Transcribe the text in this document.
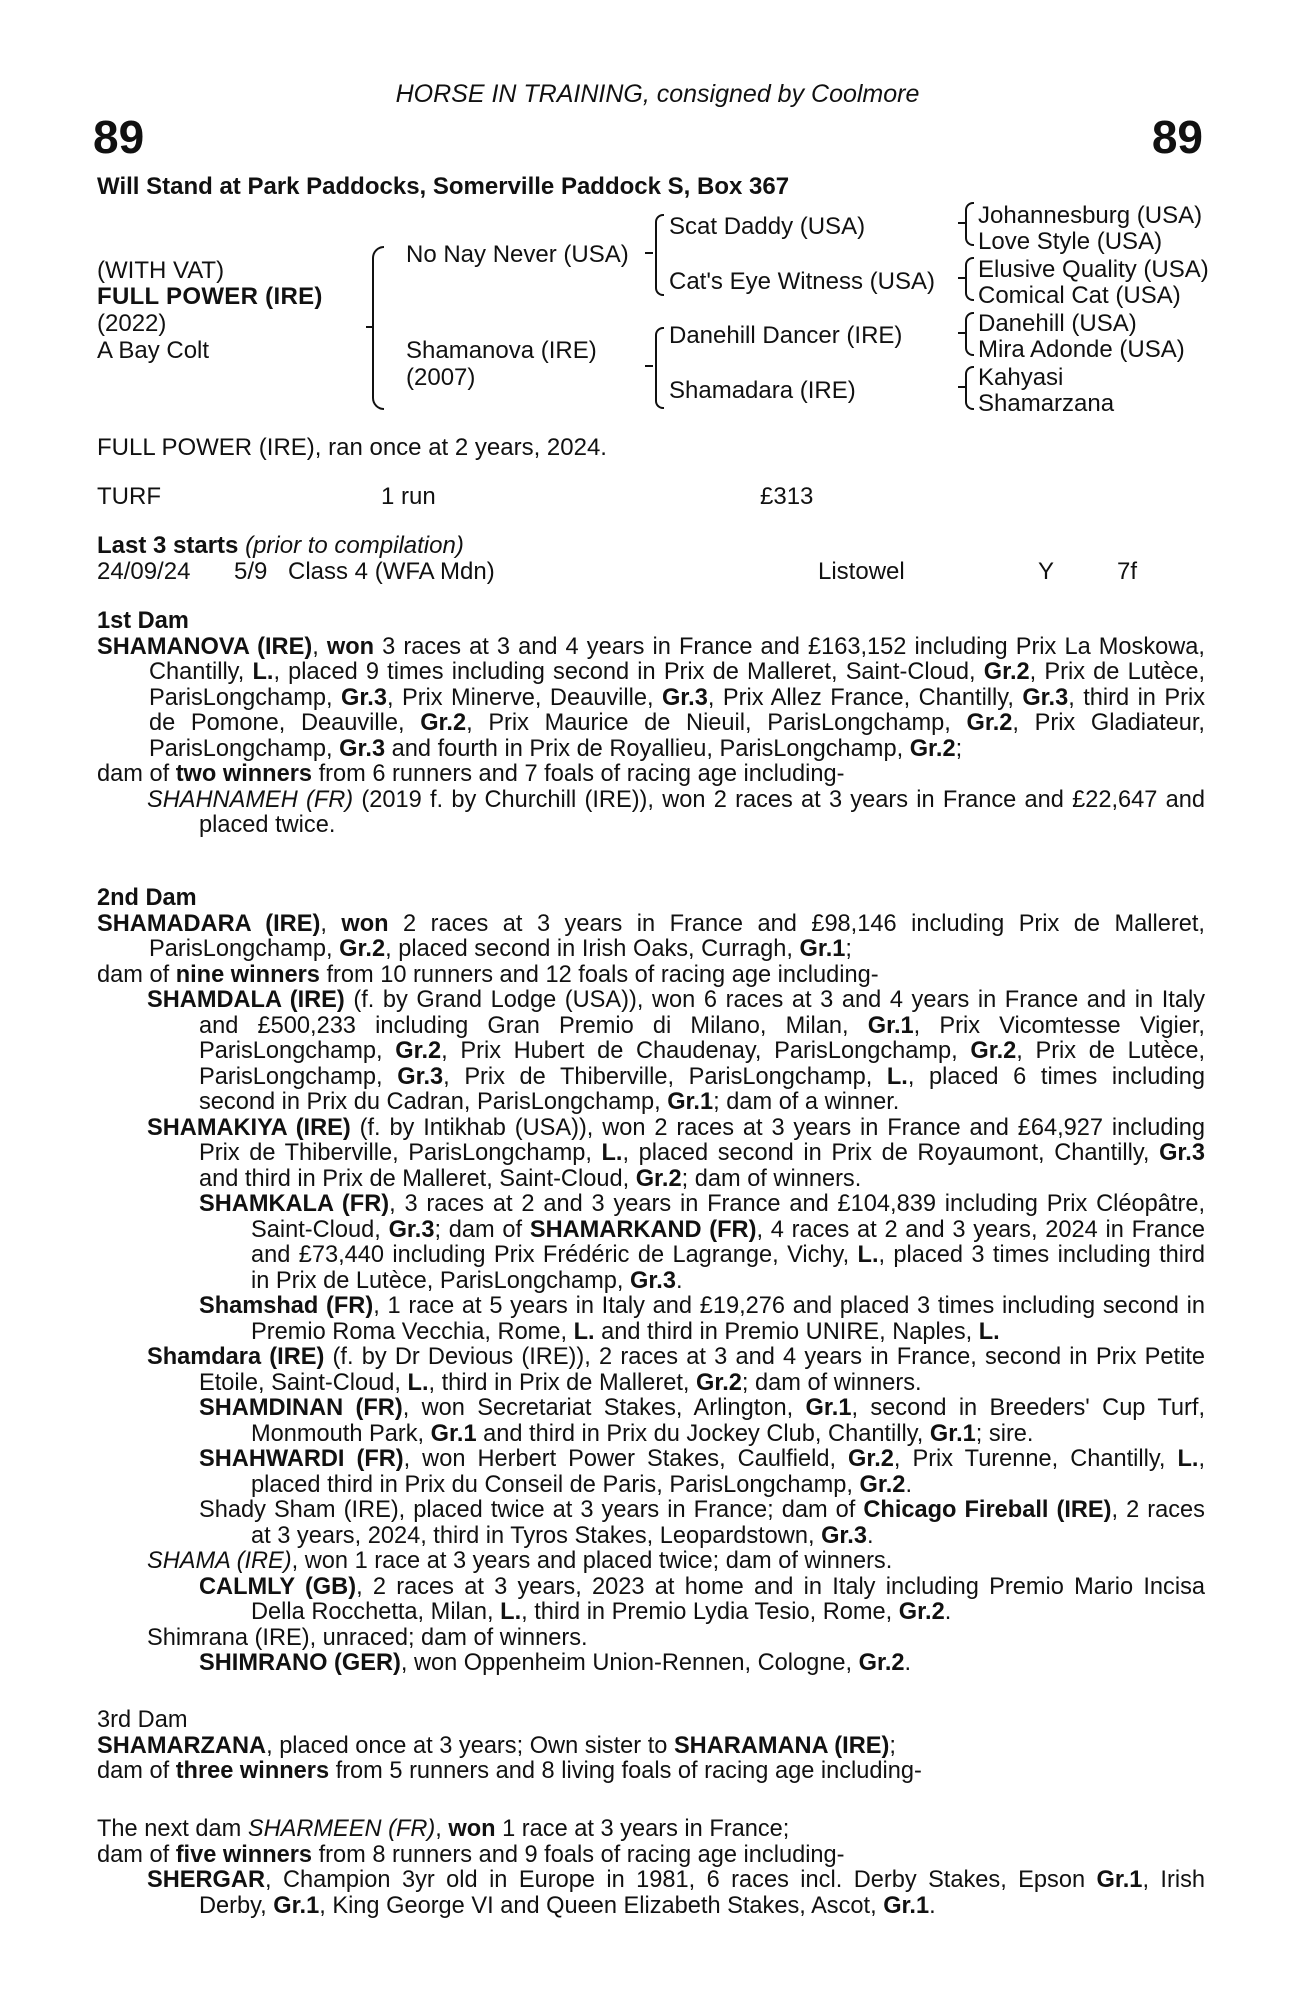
HORSE IN TRAINING, consigned by Coolmore
89	89
Will Stand at Park Paddocks, Somerville Paddock S, Box 367
(WITH VAT)
FULL POWER (IRE)
(2022)
A Bay Colt
No Nay Never (USA)
Shamanova (IRE)
(2007)
Scat Daddy (USA)
Cat's Eye Witness (USA)
Danehill Dancer (IRE)
Shamadara (IRE)
Johannesburg (USA)
Love Style (USA)
Elusive Quality (USA)
Comical Cat (USA)
Danehill (USA)
Mira Adonde (USA)
Kahyasi
Shamarzana
FULL POWER (IRE), ran once at 2 years, 2024.
TURF	1 run	£313
Last 3 starts (prior to compilation)
24/09/24 5/9 Class 4 (WFA Mdn)	Listowel	Y	7f
1st Dam
SHAMANOVA (IRE), won 3 races at 3 and 4 years in France and £163,152 including Prix La Moskowa, Chantilly, L., placed 9 times including second in Prix de Malleret, Saint-Cloud, Gr.2, Prix de Lutèce, ParisLongchamp, Gr.3, Prix Minerve, Deauville, Gr.3, Prix Allez France, Chantilly, Gr.3, third in Prix de Pomone, Deauville, Gr.2, Prix Maurice de Nieuil, ParisLongchamp, Gr.2, Prix Gladiateur, ParisLongchamp, Gr.3 and fourth in Prix de Royallieu, ParisLongchamp, Gr.2;
dam of two winners from 6 runners and 7 foals of racing age including-
SHAHNAMEH (FR) (2019 f. by Churchill (IRE)), won 2 races at 3 years in France and £22,647 and placed twice.
2nd Dam
SHAMADARA (IRE), won 2 races at 3 years in France and £98,146 including Prix de Malleret, ParisLongchamp, Gr.2, placed second in Irish Oaks, Curragh, Gr.1;
dam of nine winners from 10 runners and 12 foals of racing age including-
SHAMDALA (IRE) (f. by Grand Lodge (USA)), won 6 races at 3 and 4 years in France and in Italy and £500,233 including Gran Premio di Milano, Milan, Gr.1, Prix Vicomtesse Vigier, ParisLongchamp, Gr.2, Prix Hubert de Chaudenay, ParisLongchamp, Gr.2, Prix de Lutèce, ParisLongchamp, Gr.3, Prix de Thiberville, ParisLongchamp, L., placed 6 times including second in Prix du Cadran, ParisLongchamp, Gr.1; dam of a winner.
SHAMAKIYA (IRE) (f. by Intikhab (USA)), won 2 races at 3 years in France and £64,927 including Prix de Thiberville, ParisLongchamp, L., placed second in Prix de Royaumont, Chantilly, Gr.3 and third in Prix de Malleret, Saint-Cloud, Gr.2; dam of winners.
SHAMKALA (FR), 3 races at 2 and 3 years in France and £104,839 including Prix Cléopâtre, Saint-Cloud, Gr.3; dam of SHAMARKAND (FR), 4 races at 2 and 3 years, 2024 in France and £73,440 including Prix Frédéric de Lagrange, Vichy, L., placed 3 times including third in Prix de Lutèce, ParisLongchamp, Gr.3.
Shamshad (FR), 1 race at 5 years in Italy and £19,276 and placed 3 times including second in Premio Roma Vecchia, Rome, L. and third in Premio UNIRE, Naples, L.
Shamdara (IRE) (f. by Dr Devious (IRE)), 2 races at 3 and 4 years in France, second in Prix Petite Etoile, Saint-Cloud, L., third in Prix de Malleret, Gr.2; dam of winners.
SHAMDINAN (FR), won Secretariat Stakes, Arlington, Gr.1, second in Breeders' Cup Turf, Monmouth Park, Gr.1 and third in Prix du Jockey Club, Chantilly, Gr.1; sire.
SHAHWARDI (FR), won Herbert Power Stakes, Caulfield, Gr.2, Prix Turenne, Chantilly, L., placed third in Prix du Conseil de Paris, ParisLongchamp, Gr.2.
Shady Sham (IRE), placed twice at 3 years in France; dam of Chicago Fireball (IRE), 2 races at 3 years, 2024, third in Tyros Stakes, Leopardstown, Gr.3.
SHAMA (IRE), won 1 race at 3 years and placed twice; dam of winners.
CALMLY (GB), 2 races at 3 years, 2023 at home and in Italy including Premio Mario Incisa Della Rocchetta, Milan, L., third in Premio Lydia Tesio, Rome, Gr.2.
Shimrana (IRE), unraced; dam of winners.
SHIMRANO (GER), won Oppenheim Union-Rennen, Cologne, Gr.2.
3rd Dam
SHAMARZANA, placed once at 3 years; Own sister to SHARAMANA (IRE);
dam of three winners from 5 runners and 8 living foals of racing age including-
The next dam SHARMEEN (FR), won 1 race at 3 years in France;
dam of five winners from 8 runners and 9 foals of racing age including-
SHERGAR, Champion 3yr old in Europe in 1981, 6 races incl. Derby Stakes, Epson Gr.1, Irish Derby, Gr.1, King George VI and Queen Elizabeth Stakes, Ascot, Gr.1.
